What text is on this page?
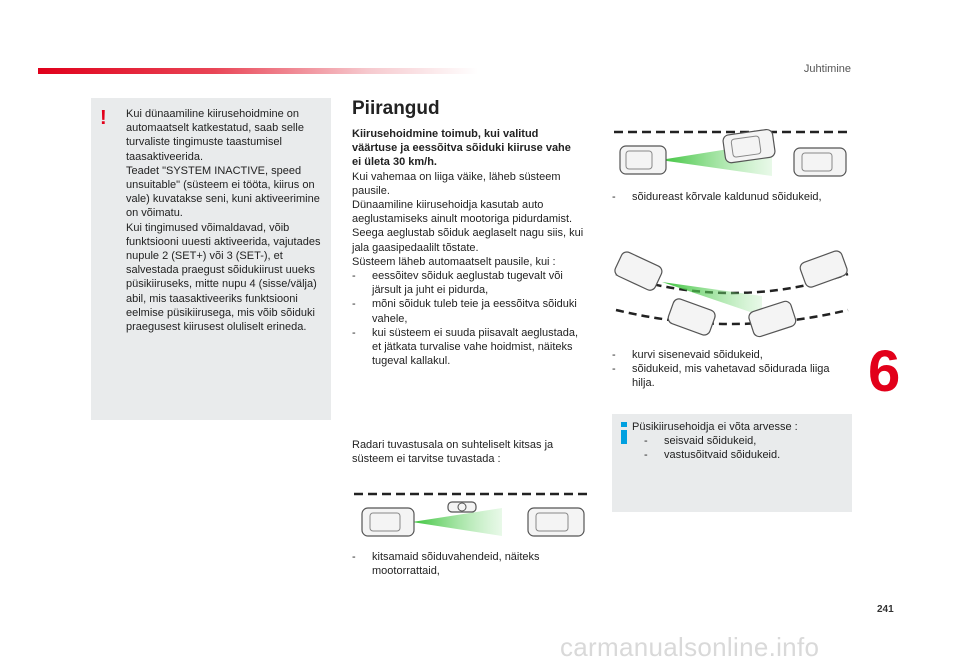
Juhtimine
! Kui dünaamiline kiirusehoidmine on
automaatselt katkestatud, saab selle
turvaliste tingimuste taastumisel
taasaktiveerida.
Teadet "SYSTEM INACTIVE, speed
unsuitable" (süsteem ei tööta, kiirus on
vale) kuvatakse seni, kuni aktiveerimine
on võimatu.
Kui tingimused võimaldavad, võib
funktsiooni uuesti aktiveerida, vajutades
nupule 2 (SET+) või 3 (SET-), et
salvestada praegust sõidukiirust uueks
püsikiiruseks, mitte nupu 4 (sisse/välja)
abil, mis taasaktiveeriks funktsiooni
eelmise püsikiirusega, mis võib sõiduki
praegusest kiirusest oluliselt erineda.
Piirangud
Kiirusehoidmine toimub, kui valitud
väärtuse ja eessõitva sõiduki kiiruse vahe
ei ületa 30 km/h.
Kui vahemaa on liiga väike, läheb süsteem
pausile.
Dünaamiline kiirusehoidja kasutab auto
aeglustamiseks ainult mootoriga pidurdamist.
Seega aeglustab sõiduk aeglaselt nagu siis, kui
jala gaasipedaalilt tõstate.
Süsteem läheb automaatselt pausile, kui :
- eessõitev sõiduk aeglustab tugevalt või
järsult ja juht ei pidurda,
- mõni sõiduk tuleb teie ja eessõitva sõiduki
vahele,
- kui süsteem ei suuda piisavalt aeglustada,
et jätkata turvalise vahe hoidmist, näiteks
tugeval kallakul.
Radari tuvastusala on suhteliselt kitsas ja
süsteem ei tarvitse tuvastada :
- sõidureast kõrvale kaldunud sõidukeid,
- kurvi sisenevaid sõidukeid,
- sõidukeid, mis vahetavad sõidurada liiga
hilja.
- kitsamaid sõiduvahendeid, näiteks
mootorrattaid,
Püsikiirusehoidja ei võta arvesse :
- seisvaid sõidukeid,
- vastusõitvaid sõidukeid.
6
241
carmanualsonline.info
